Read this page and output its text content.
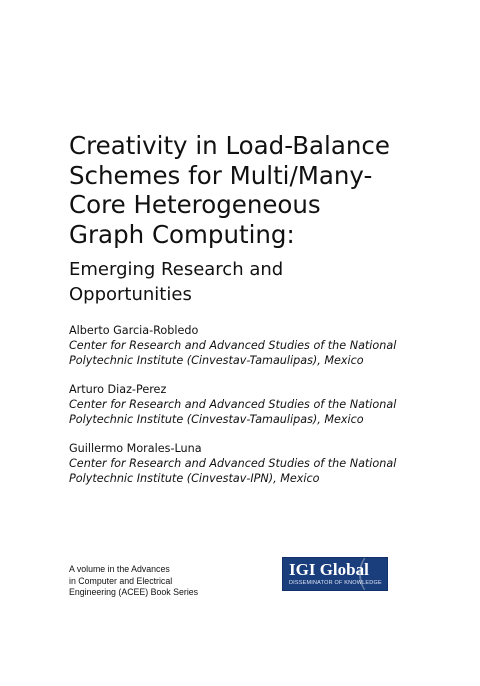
Creativity in Load-Balance
Schemes for Multi/Many-
Core Heterogeneous
Graph Computing:
Emerging Research and
Opportunities
Alberto Garcia-Robledo
Center for Research and Advanced Studies of the National
Polytechnic Institute (Cinvestav-Tamaulipas), Mexico
Arturo Diaz-Perez
Center for Research and Advanced Studies of the National
Polytechnic Institute (Cinvestav-Tamaulipas), Mexico
Guillermo Morales-Luna
Center for Research and Advanced Studies of the National
Polytechnic Institute (Cinvestav-IPN), Mexico
A volume in the Advances
in Computer and Electrical
Engineering (ACEE) Book Series
IGI Global
DISSEMINATOR OF KNOWLEDGE
